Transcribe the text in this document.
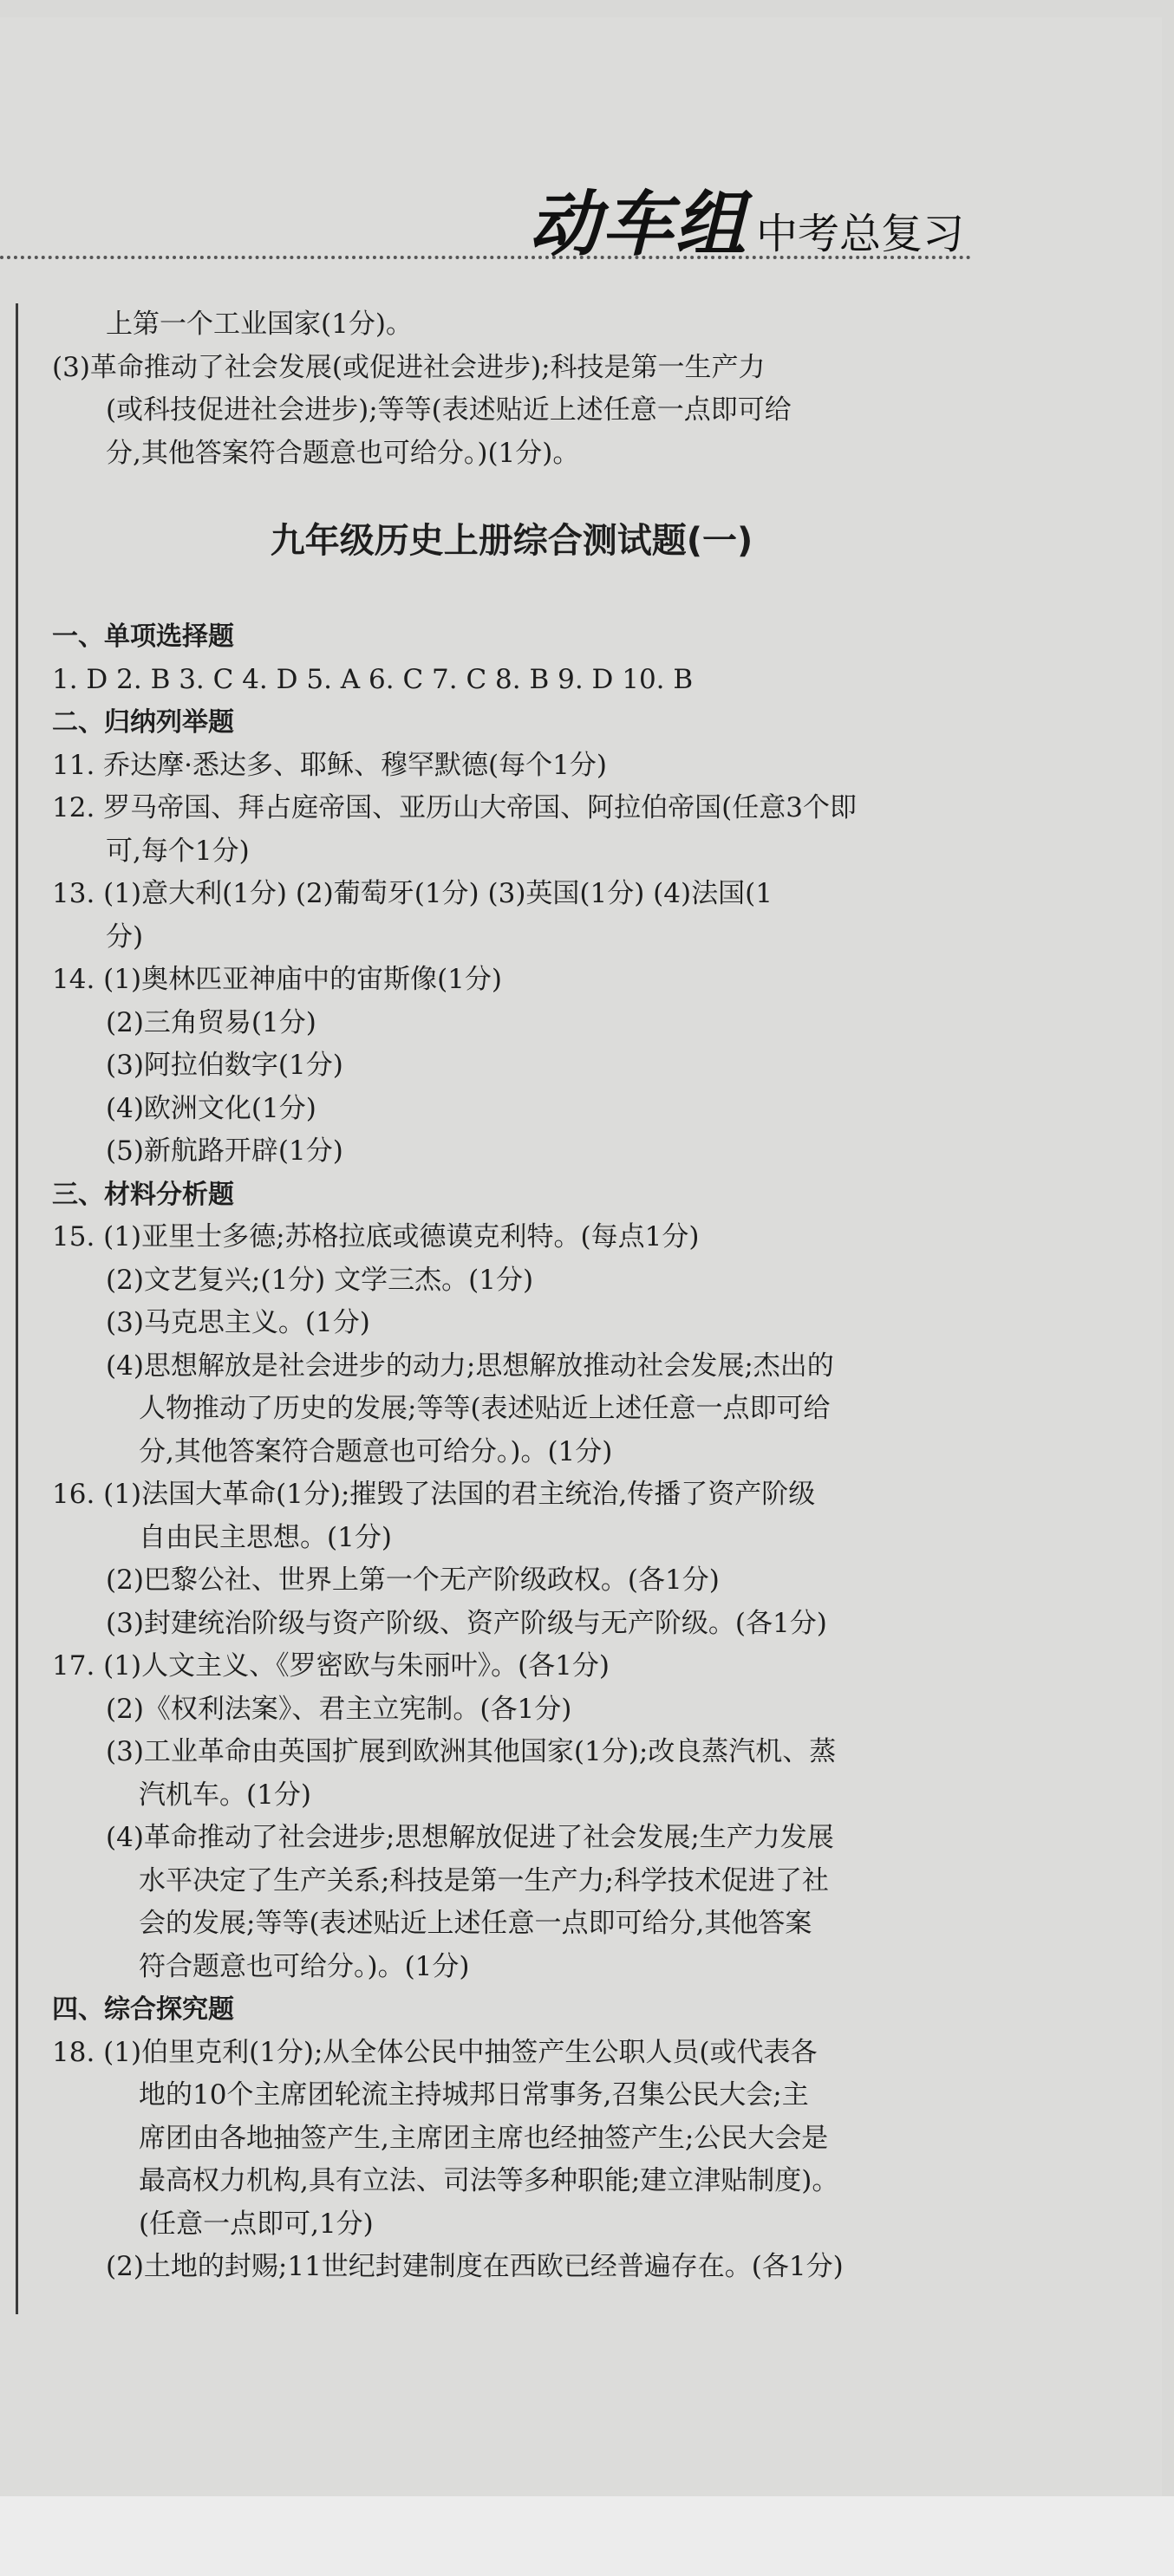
动车组 中考总复习
上第一个工业国家(1分)。
(3)革命推动了社会发展(或促进社会进步);科技是第一生产力
(或科技促进社会进步);等等(表述贴近上述任意一点即可给
分,其他答案符合题意也可给分。)(1分)。
九年级历史上册综合测试题(一)
一、单项选择题
1. D 2. B 3. C 4. D 5. A 6. C 7. C 8. B 9. D 10. B
二、归纳列举题
11. 乔达摩·悉达多、耶稣、穆罕默德(每个1分)
12. 罗马帝国、拜占庭帝国、亚历山大帝国、阿拉伯帝国(任意3个即
可,每个1分)
13. (1)意大利(1分) (2)葡萄牙(1分) (3)英国(1分) (4)法国(1
分)
14. (1)奥林匹亚神庙中的宙斯像(1分)
(2)三角贸易(1分)
(3)阿拉伯数字(1分)
(4)欧洲文化(1分)
(5)新航路开辟(1分)
三、材料分析题
15. (1)亚里士多德;苏格拉底或德谟克利特。(每点1分)
(2)文艺复兴;(1分) 文学三杰。(1分)
(3)马克思主义。(1分)
(4)思想解放是社会进步的动力;思想解放推动社会发展;杰出的
人物推动了历史的发展;等等(表述贴近上述任意一点即可给
分,其他答案符合题意也可给分。)。(1分)
16. (1)法国大革命(1分);摧毁了法国的君主统治,传播了资产阶级
自由民主思想。(1分)
(2)巴黎公社、世界上第一个无产阶级政权。(各1分)
(3)封建统治阶级与资产阶级、资产阶级与无产阶级。(各1分)
17. (1)人文主义、《罗密欧与朱丽叶》。(各1分)
(2)《权利法案》、君主立宪制。(各1分)
(3)工业革命由英国扩展到欧洲其他国家(1分);改良蒸汽机、蒸
汽机车。(1分)
(4)革命推动了社会进步;思想解放促进了社会发展;生产力发展
水平决定了生产关系;科技是第一生产力;科学技术促进了社
会的发展;等等(表述贴近上述任意一点即可给分,其他答案
符合题意也可给分。)。(1分)
四、综合探究题
18. (1)伯里克利(1分);从全体公民中抽签产生公职人员(或代表各
地的10个主席团轮流主持城邦日常事务,召集公民大会;主
席团由各地抽签产生,主席团主席也经抽签产生;公民大会是
最高权力机构,具有立法、司法等多种职能;建立津贴制度)。
(任意一点即可,1分)
(2)土地的封赐;11世纪封建制度在西欧已经普遍存在。(各1分)
